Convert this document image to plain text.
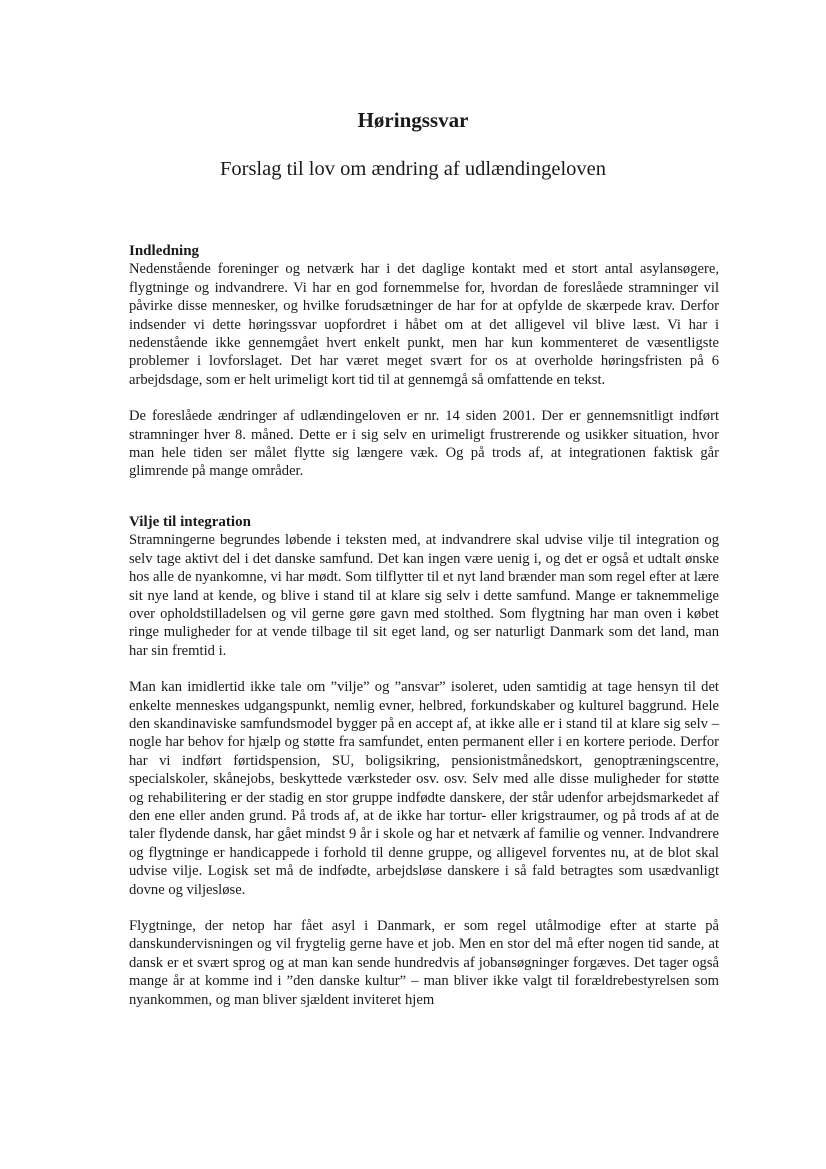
Høringssvar
Forslag til lov om ændring af udlændingeloven
Indledning

Nedenstående foreninger og netværk har i det daglige kontakt med et stort antal asylansøgere, flygtninge og indvandrere. Vi har en god fornemmelse for, hvordan de foreslåede stramninger vil påvirke disse mennesker, og hvilke forudsætninger de har for at opfylde de skærpede krav. Derfor indsender vi dette høringssvar uopfordret i håbet om at det alligevel vil blive læst. Vi har i nedenstående ikke gennemgået hvert enkelt punkt, men har kun kommenteret de væsentligste problemer i lovforslaget. Det har været meget svært for os at overholde høringsfristen på 6 arbejdsdage, som er helt urimeligt kort tid til at gennemgå så omfattende en tekst.

De foreslåede ændringer af udlændingeloven er nr. 14 siden 2001. Der er gennemsnitligt indført stramninger hver 8. måned. Dette er i sig selv en urimeligt frustrerende og usikker situation, hvor man hele tiden ser målet flytte sig længere væk. Og på trods af, at integrationen faktisk går glimrende på mange områder.

Vilje til integration

Stramningerne begrundes løbende i teksten med, at indvandrere skal udvise vilje til integration og selv tage aktivt del i det danske samfund. Det kan ingen være uenig i, og det er også et udtalt ønske hos alle de nyankomne, vi har mødt. Som tilflytter til et nyt land brænder man som regel efter at lære sit nye land at kende, og blive i stand til at klare sig selv i dette samfund. Mange er taknemmelige over opholdstilladelsen og vil gerne gøre gavn med stolthed. Som flygtning har man oven i købet ringe muligheder for at vende tilbage til sit eget land, og ser naturligt Danmark som det land, man har sin fremtid i.

Man kan imidlertid ikke tale om ”vilje” og ”ansvar” isoleret, uden samtidig at tage hensyn til det enkelte menneskes udgangspunkt, nemlig evner, helbred, forkundskaber og kulturel baggrund. Hele den skandinaviske samfundsmodel bygger på en accept af, at ikke alle er i stand til at klare sig selv – nogle har behov for hjælp og støtte fra samfundet, enten permanent eller i en kortere periode. Derfor har vi indført førtidspension, SU, boligsikring, pensionistmånedskort, genoptræningscentre, specialskoler, skånejobs, beskyttede værksteder osv. osv. Selv med alle disse muligheder for støtte og rehabilitering er der stadig en stor gruppe indfødte danskere, der står udenfor arbejdsmarkedet af den ene eller anden grund. På trods af, at de ikke har tortur- eller krigstraumer, og på trods af at de taler flydende dansk, har gået mindst 9 år i skole og har et netværk af familie og venner. Indvandrere og flygtninge er handicappede i forhold til denne gruppe, og alligevel forventes nu, at de blot skal udvise vilje. Logisk set må de indfødte, arbejdsløse danskere i så fald betragtes som usædvanligt dovne og viljesløse.

Flygtninge, der netop har fået asyl i Danmark, er som regel utålmodige efter at starte på danskundervisningen og vil frygtelig gerne have et job. Men en stor del må efter nogen tid sande, at dansk er et svært sprog og at man kan sende hundredvis af jobansøgninger forgæves. Det tager også mange år at komme ind i ”den danske kultur” – man bliver ikke valgt til forældrebestyrelsen som nyankommen, og man bliver sjældent inviteret hjem
